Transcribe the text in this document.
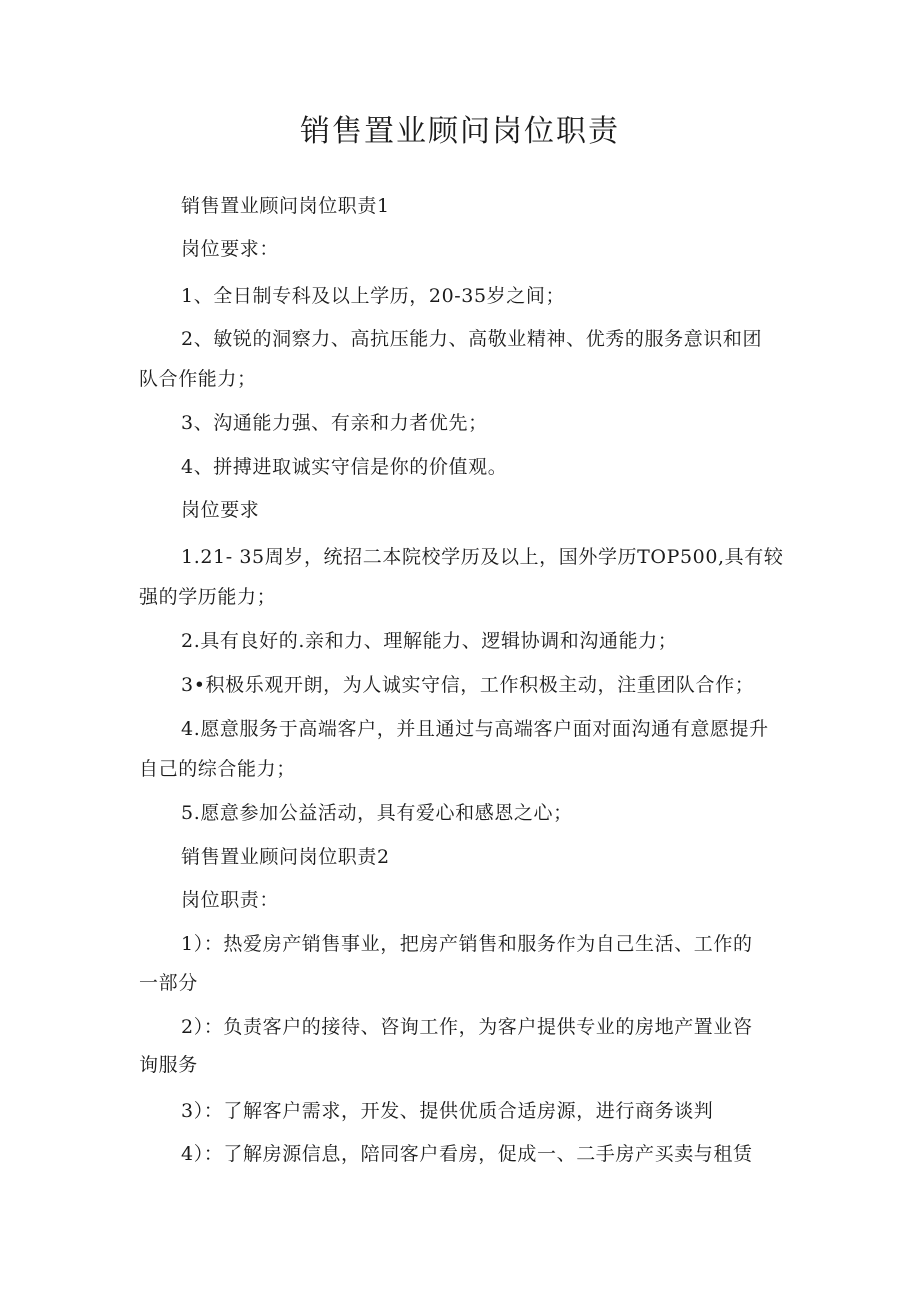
销售置业顾问岗位职责

销售置业顾问岗位职责1

岗位要求：

1、全日制专科及以上学历，20-35岁之间；

2、敏锐的洞察力、高抗压能力、高敬业精神、优秀的服务意识和团

队合作能力；

3、沟通能力强、有亲和力者优先；

4、拼搏进取诚实守信是你的价值观。

岗位要求

1.21- 35周岁，统招二本院校学历及以上，国外学历TOP500,具有较

强的学历能力；

2.具有良好的.亲和力、理解能力、逻辑协调和沟通能力；

3•积极乐观开朗，为人诚实守信，工作积极主动，注重团队合作；

4.愿意服务于高端客户，并且通过与高端客户面对面沟通有意愿提升

自己的综合能力；

5.愿意参加公益活动，具有爱心和感恩之心；

销售置业顾问岗位职责2

岗位职责：

1）：热爱房产销售事业，把房产销售和服务作为自己生活、工作的

一部分

2）：负责客户的接待、咨询工作，为客户提供专业的房地产置业咨

询服务

3）：了解客户需求，开发、提供优质合适房源，进行商务谈判

4）：了解房源信息，陪同客户看房，促成一、二手房产买卖与租赁
